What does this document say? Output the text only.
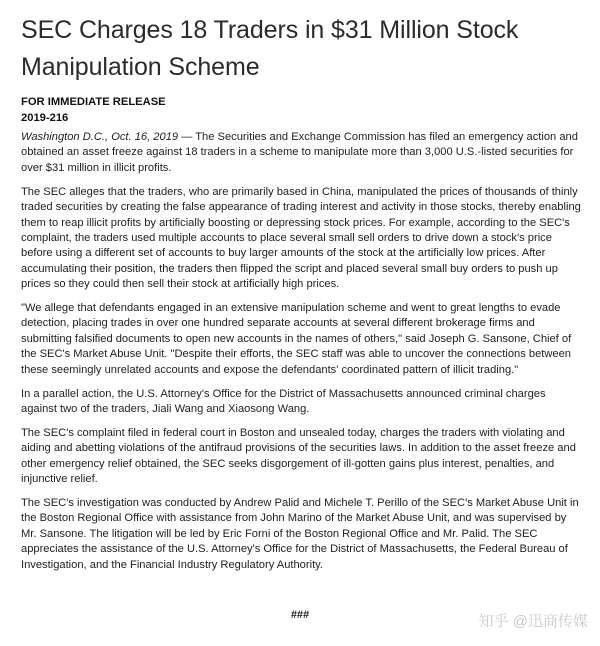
SEC Charges 18 Traders in $31 Million Stock Manipulation Scheme
FOR IMMEDIATE RELEASE
2019-216

Washington D.C., Oct. 16, 2019 — The Securities and Exchange Commission has filed an emergency action and obtained an asset freeze against 18 traders in a scheme to manipulate more than 3,000 U.S.-listed securities for over $31 million in illicit profits.

The SEC alleges that the traders, who are primarily based in China, manipulated the prices of thousands of thinly traded securities by creating the false appearance of trading interest and activity in those stocks, thereby enabling them to reap illicit profits by artificially boosting or depressing stock prices. For example, according to the SEC's complaint, the traders used multiple accounts to place several small sell orders to drive down a stock's price before using a different set of accounts to buy larger amounts of the stock at the artificially low prices. After accumulating their position, the traders then flipped the script and placed several small buy orders to push up prices so they could then sell their stock at artificially high prices.

"We allege that defendants engaged in an extensive manipulation scheme and went to great lengths to evade detection, placing trades in over one hundred separate accounts at several different brokerage firms and submitting falsified documents to open new accounts in the names of others," said Joseph G. Sansone, Chief of the SEC's Market Abuse Unit. "Despite their efforts, the SEC staff was able to uncover the connections between these seemingly unrelated accounts and expose the defendants' coordinated pattern of illicit trading."

In a parallel action, the U.S. Attorney's Office for the District of Massachusetts announced criminal charges against two of the traders, Jiali Wang and Xiaosong Wang.

The SEC's complaint filed in federal court in Boston and unsealed today, charges the traders with violating and aiding and abetting violations of the antifraud provisions of the securities laws. In addition to the asset freeze and other emergency relief obtained, the SEC seeks disgorgement of ill-gotten gains plus interest, penalties, and injunctive relief.

The SEC's investigation was conducted by Andrew Palid and Michele T. Perillo of the SEC's Market Abuse Unit in the Boston Regional Office with assistance from John Marino of the Market Abuse Unit, and was supervised by Mr. Sansone. The litigation will be led by Eric Forni of the Boston Regional Office and Mr. Palid. The SEC appreciates the assistance of the U.S. Attorney's Office for the District of Massachusetts, the Federal Bureau of Investigation, and the Financial Industry Regulatory Authority.

###	知乎 @迅商传媒
